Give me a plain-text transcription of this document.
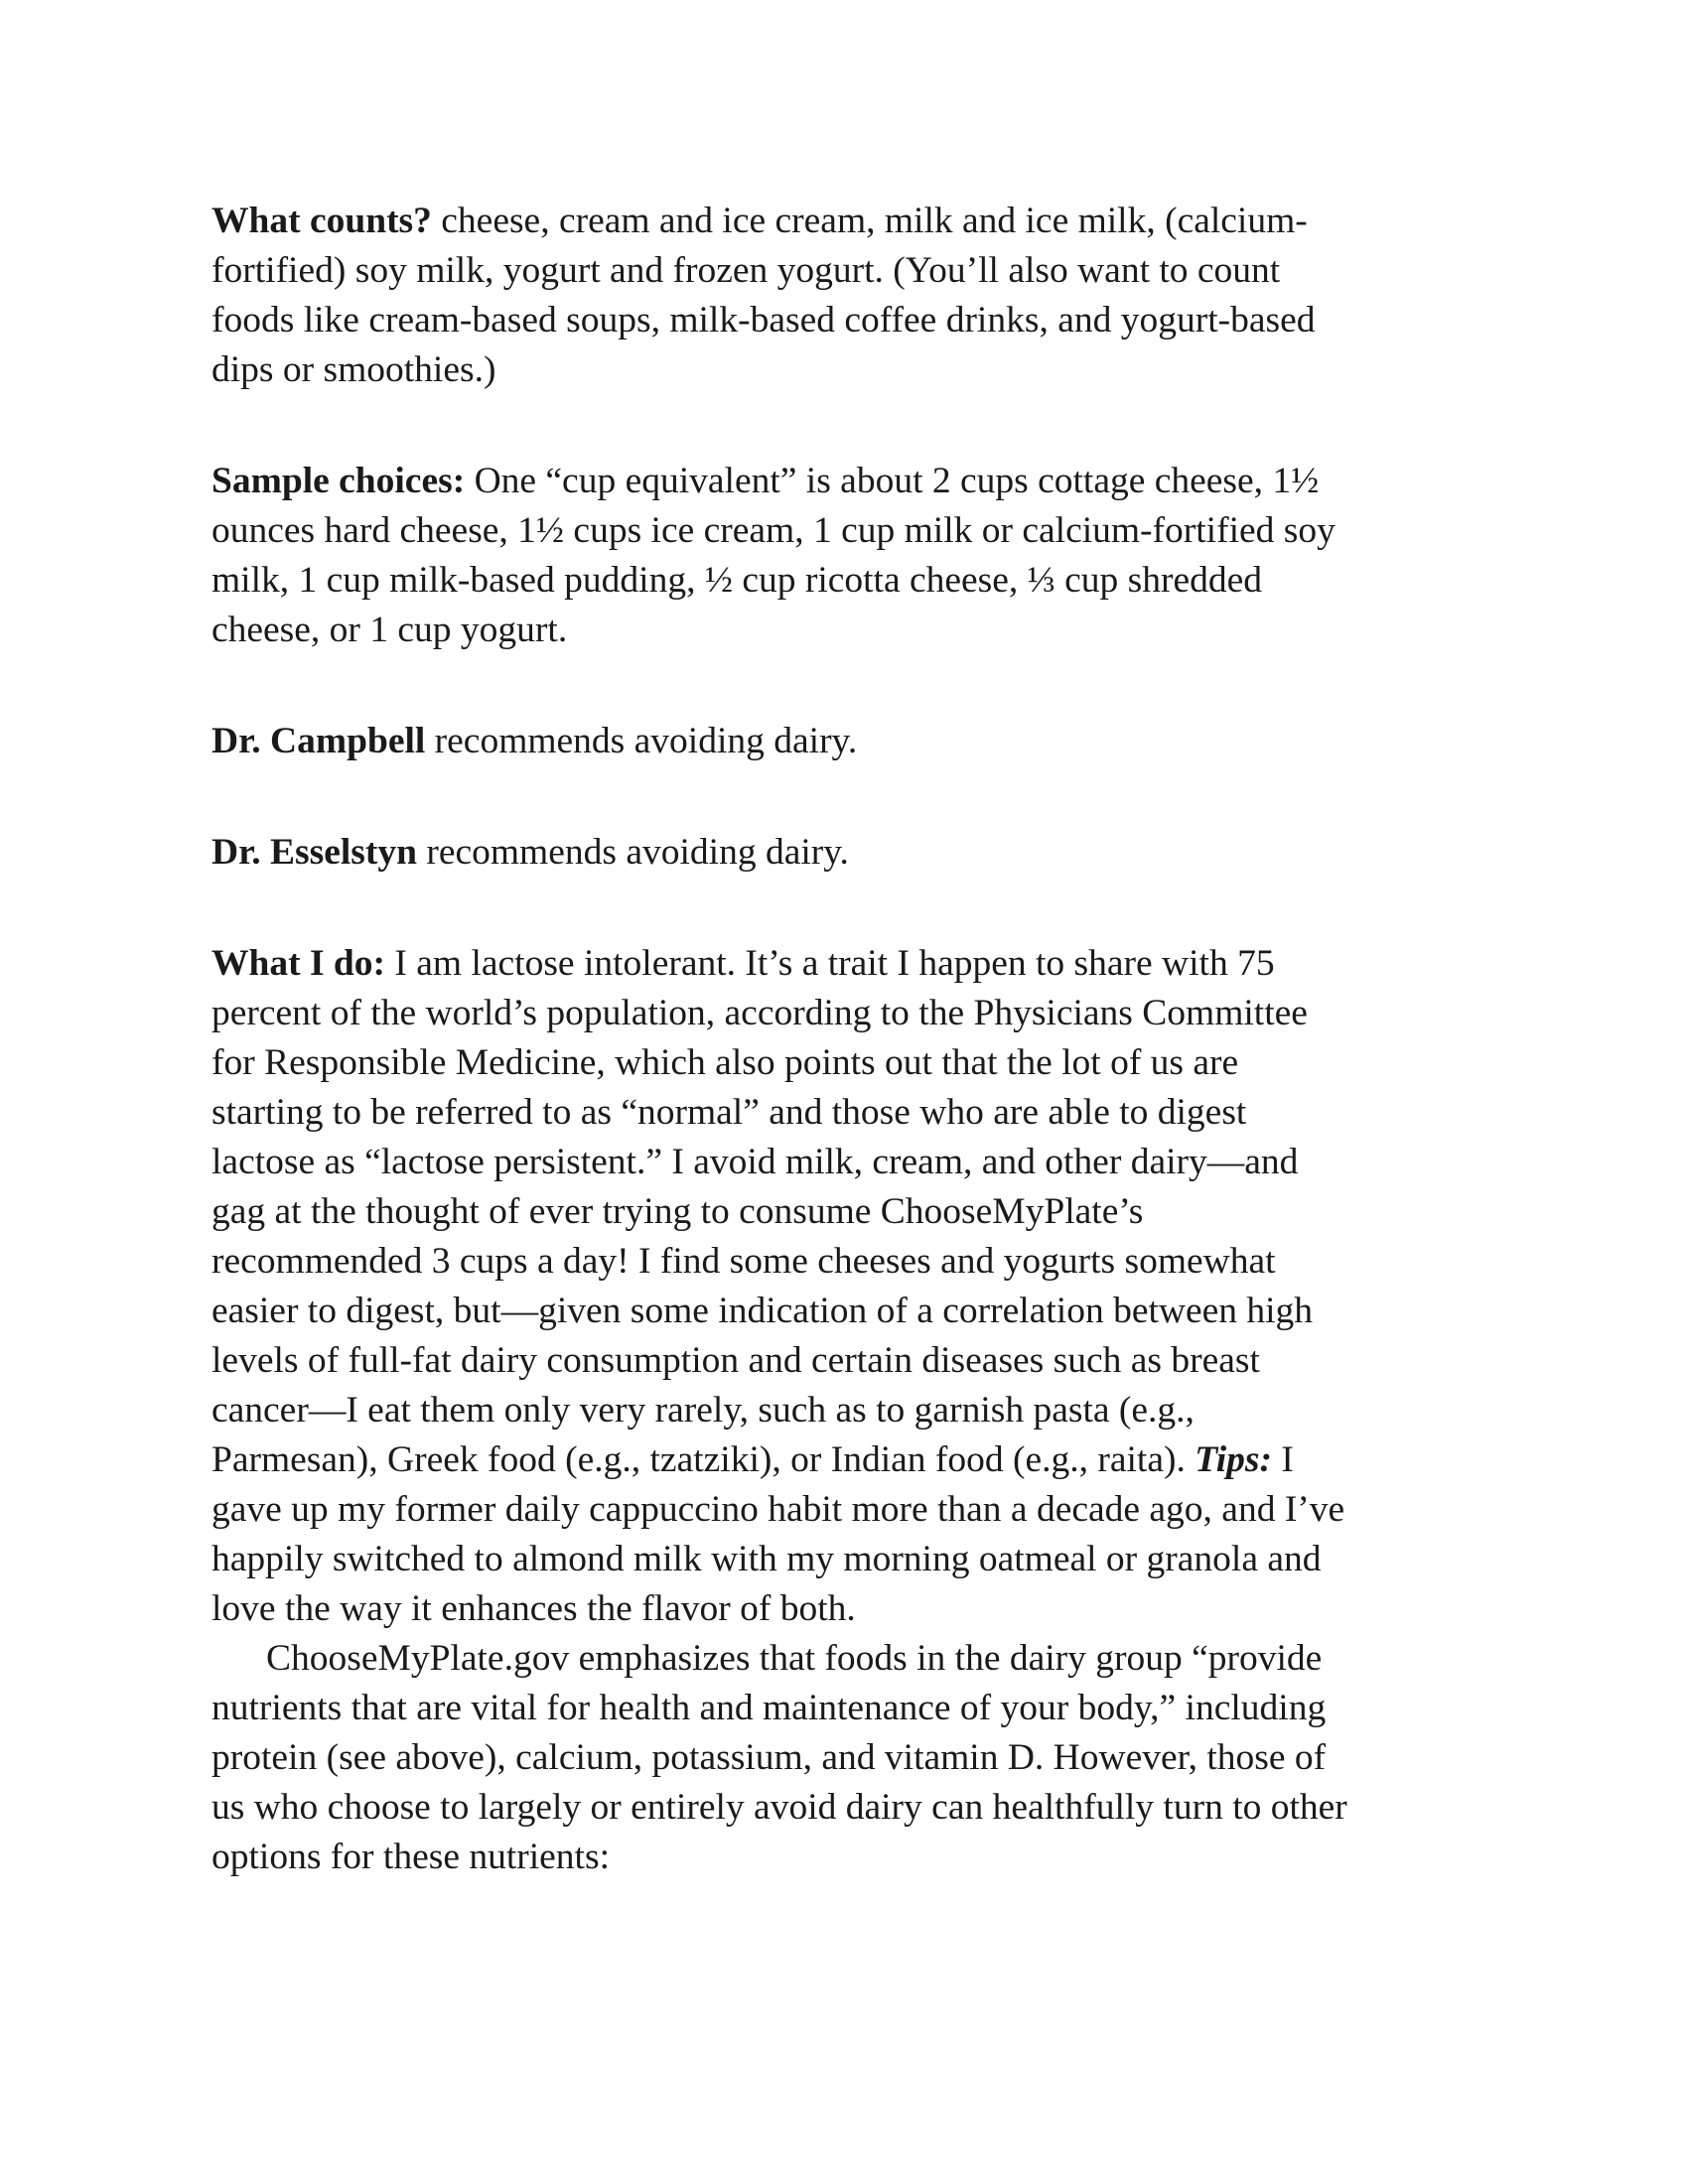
What counts? cheese, cream and ice cream, milk and ice milk, (calcium-
fortified) soy milk, yogurt and frozen yogurt. (You’ll also want to count
foods like cream-based soups, milk-based coffee drinks, and yogurt-based
dips or smoothies.)

Sample choices: One “cup equivalent” is about 2 cups cottage cheese, 1½
ounces hard cheese, 1½ cups ice cream, 1 cup milk or calcium-fortified soy
milk, 1 cup milk-based pudding, ½ cup ricotta cheese, ⅓ cup shredded
cheese, or 1 cup yogurt.

Dr. Campbell recommends avoiding dairy.

Dr. Esselstyn recommends avoiding dairy.

What I do: I am lactose intolerant. It’s a trait I happen to share with 75
percent of the world’s population, according to the Physicians Committee
for Responsible Medicine, which also points out that the lot of us are
starting to be referred to as “normal” and those who are able to digest
lactose as “lactose persistent.” I avoid milk, cream, and other dairy—and
gag at the thought of ever trying to consume ChooseMyPlate’s
recommended 3 cups a day! I find some cheeses and yogurts somewhat
easier to digest, but—given some indication of a correlation between high
levels of full-fat dairy consumption and certain diseases such as breast
cancer—I eat them only very rarely, such as to garnish pasta (e.g.,
Parmesan), Greek food (e.g., tzatziki), or Indian food (e.g., raita). Tips: I
gave up my former daily cappuccino habit more than a decade ago, and I’ve
happily switched to almond milk with my morning oatmeal or granola and
love the way it enhances the flavor of both.

ChooseMyPlate.gov emphasizes that foods in the dairy group “provide
nutrients that are vital for health and maintenance of your body,” including
protein (see above), calcium, potassium, and vitamin D. However, those of
us who choose to largely or entirely avoid dairy can healthfully turn to other
options for these nutrients:
